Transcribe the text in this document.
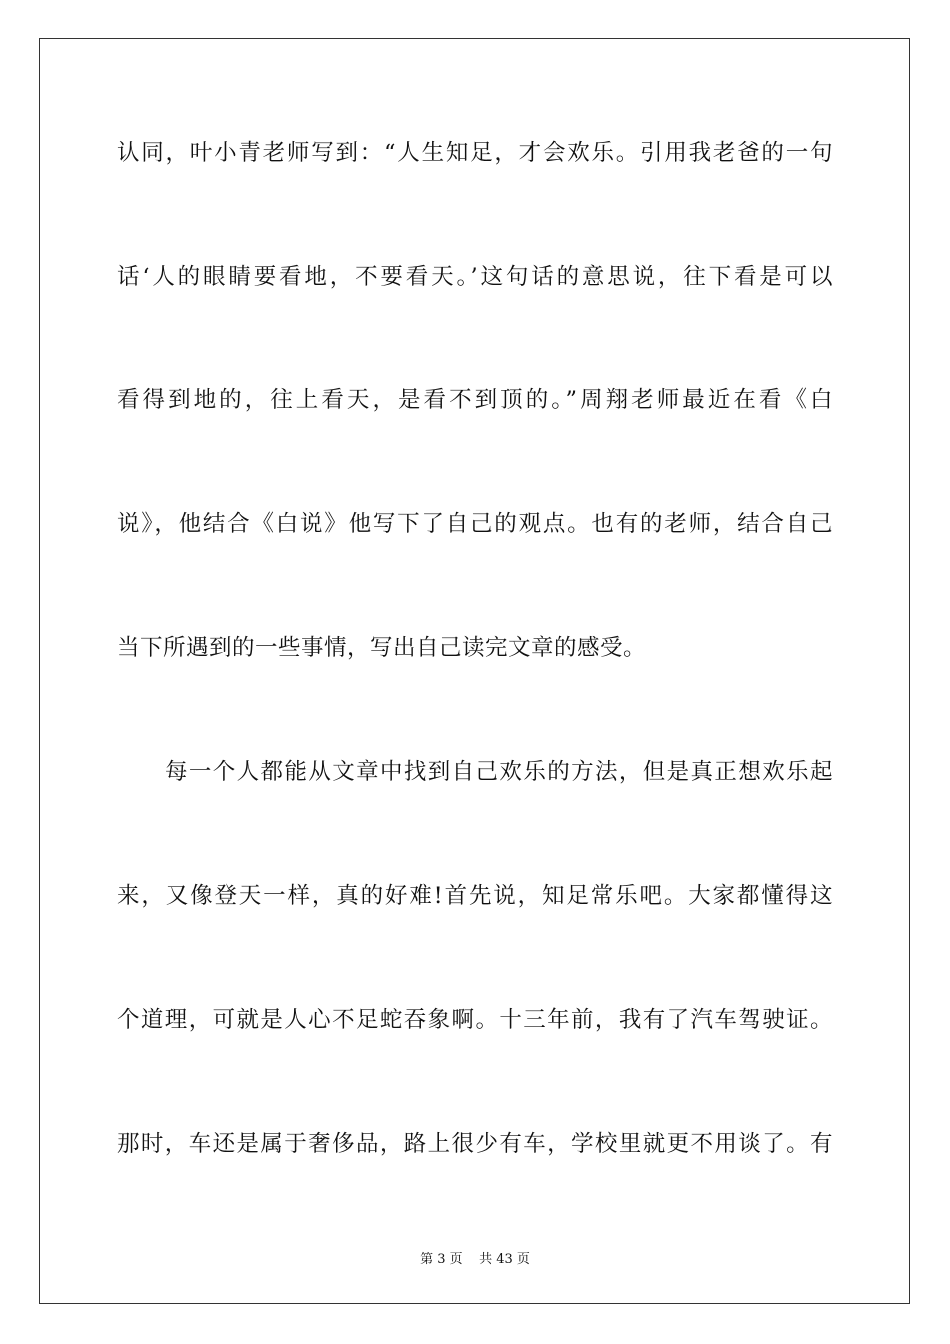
认同，叶小青老师写到：“人生知足，才会欢乐。引用我老爸的一句
话‘人的眼睛要看地，不要看天。’这句话的意思说，往下看是可以
看得到地的，往上看天，是看不到顶的。”周翔老师最近在看《白
说》，他结合《白说》他写下了自己的观点。也有的老师，结合自己
当下所遇到的一些事情，写出自己读完文章的感受。
每一个人都能从文章中找到自己欢乐的方法，但是真正想欢乐起
来，又像登天一样，真的好难!首先说，知足常乐吧。大家都懂得这
个道理，可就是人心不足蛇吞象啊。十三年前，我有了汽车驾驶证。
那时，车还是属于奢侈品，路上很少有车，学校里就更不用谈了。有
第 3 页    共 43 页
